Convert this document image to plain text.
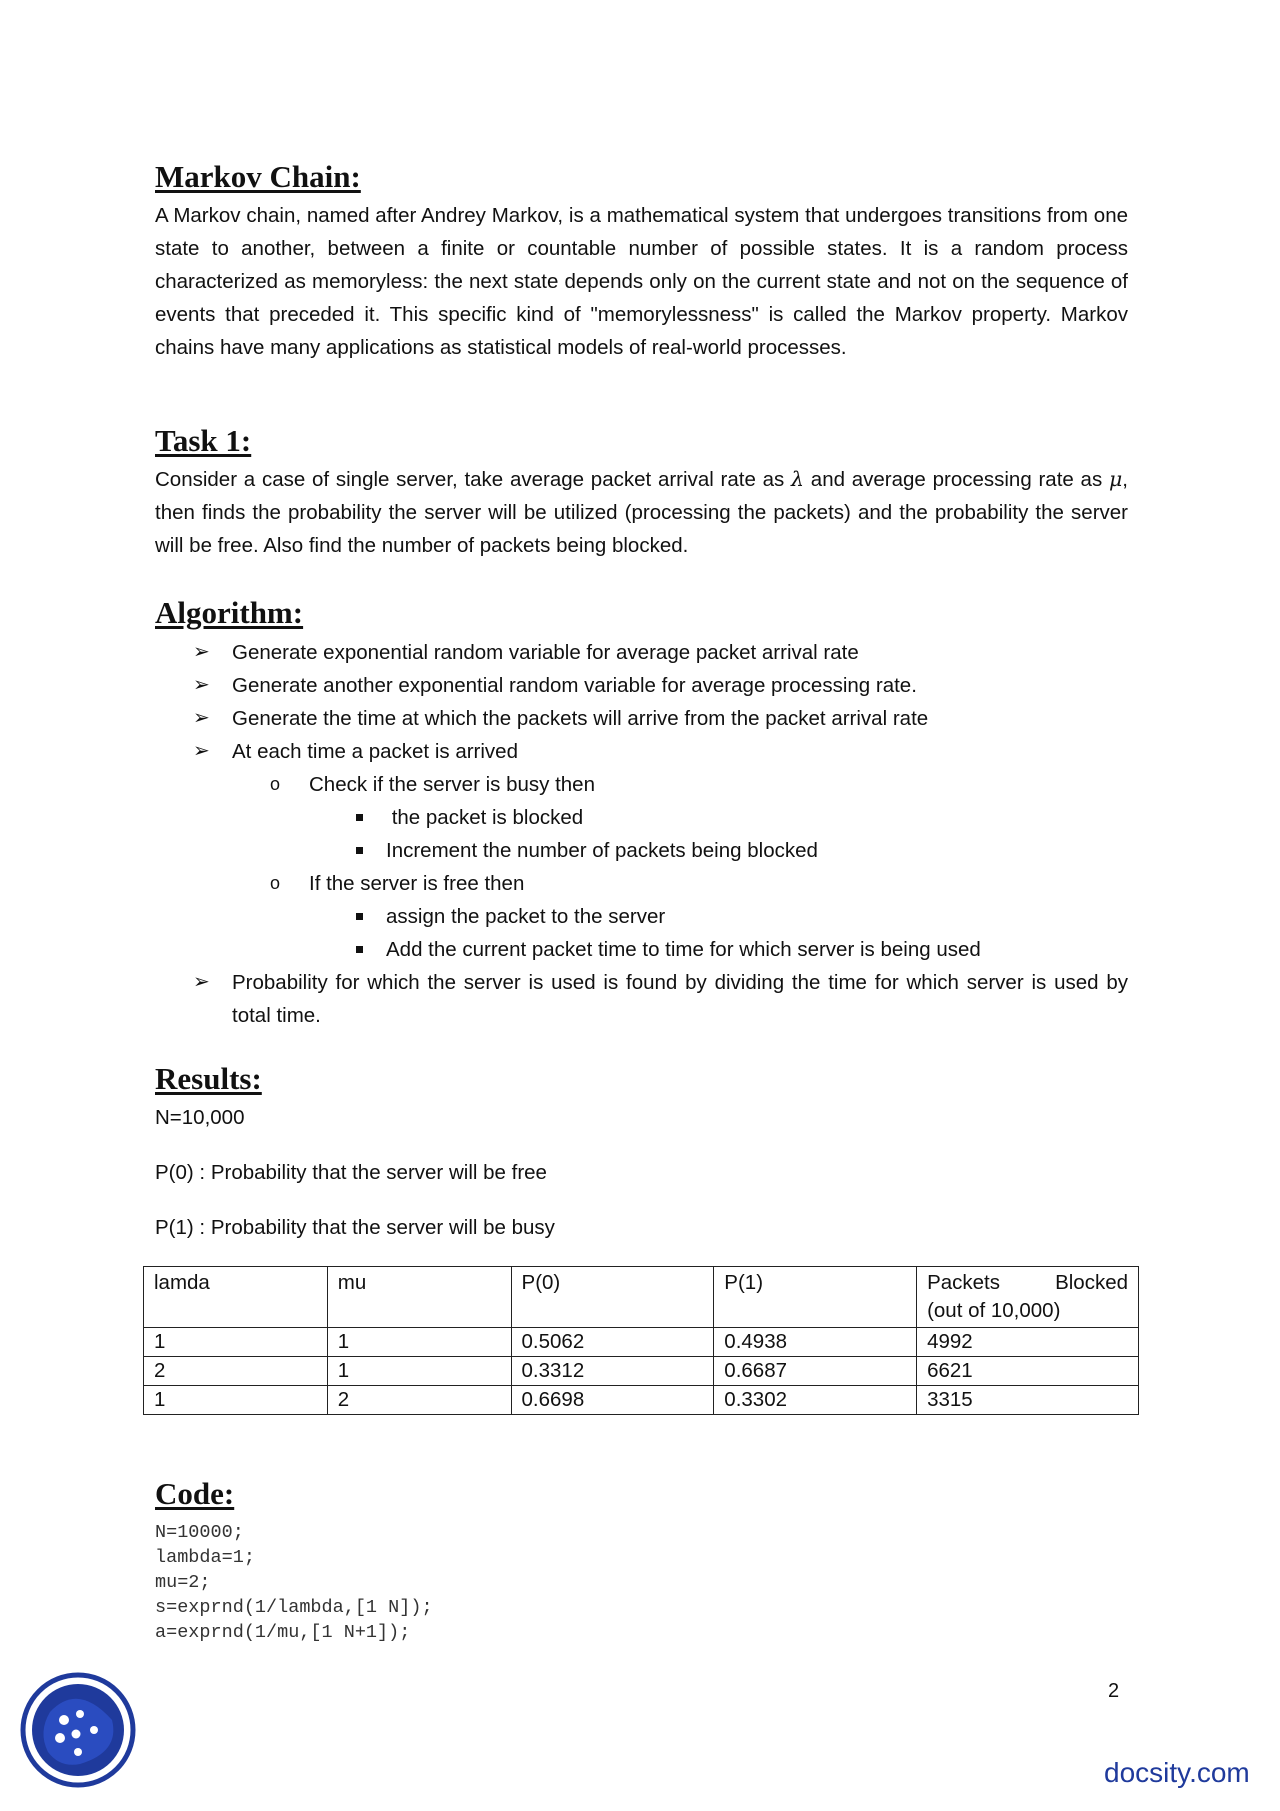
Markov Chain:

A Markov chain, named after Andrey Markov, is a mathematical system that undergoes transitions from one state to another, between a finite or countable number of possible states. It is a random process characterized as memoryless: the next state depends only on the current state and not on the sequence of events that preceded it. This specific kind of "memorylessness" is called the Markov property. Markov chains have many applications as statistical models of real-world processes.

Task 1:

Consider a case of single server, take average packet arrival rate as λ and average processing rate as μ, then finds the probability the server will be utilized (processing the packets) and the probability the server will be free. Also find the number of packets being blocked.

Algorithm:
➢ Generate exponential random variable for average packet arrival rate
➢ Generate another exponential random variable for average processing rate.
➢ Generate the time at which the packets will arrive from the packet arrival rate
➢ At each time a packet is arrived
o Check if the server is busy then
the packet is blocked
Increment the number of packets being blocked
o If the server is free then
assign the packet to the server
Add the current packet time to time for which server is being used
➢ Probability for which the server is used is found by dividing the time for which server is used by total time.
Results:
N=10,000
P(0) : Probability that the server will be free
P(1) : Probability that the server will be busy
lamda	mu	P(0)	P(1)	Packets Blocked
(out of 10,000)

1	1	0.5062	0.4938	4992
2	1	0.3312	0.6687	6621
1	2	0.6698	0.3302	3315
Code:
N=10000;
lambda=1;
mu=2;
s=exprnd(1/lambda,[1 N]);
a=exprnd(1/mu,[1 N+1]);
2
docsity.com
